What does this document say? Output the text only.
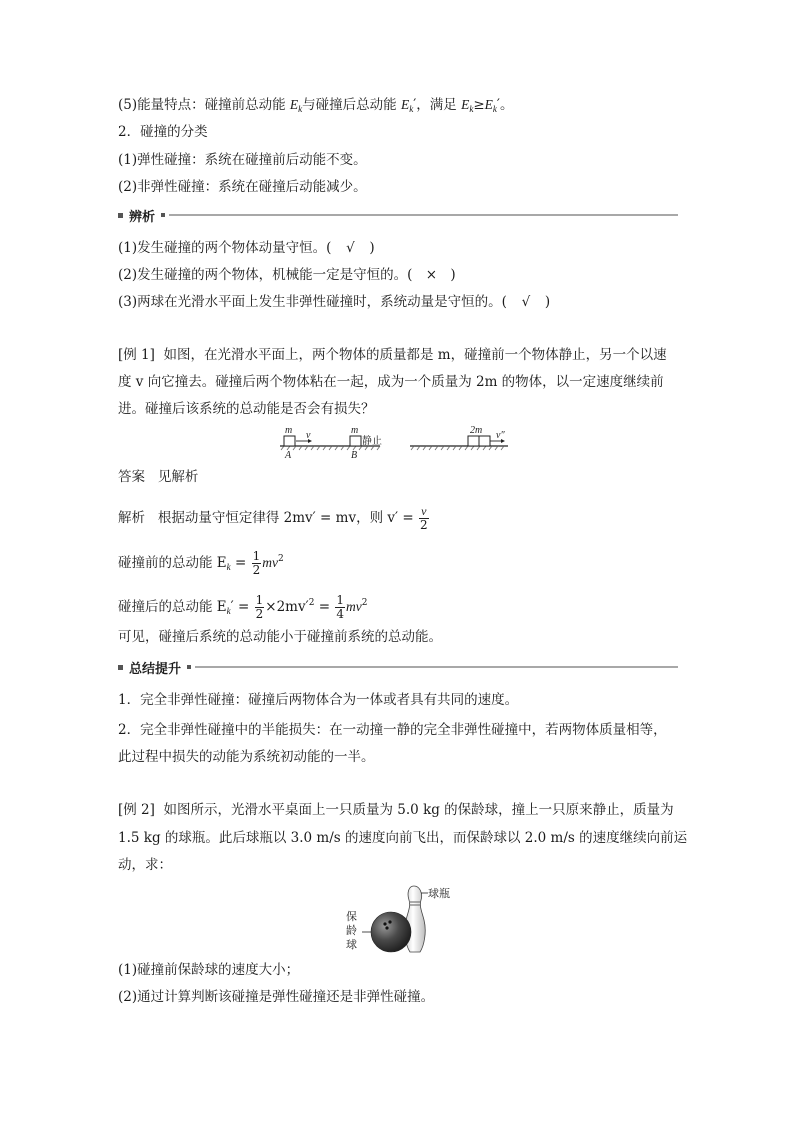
(5)能量特点：碰撞前总动能 $E_k$与碰撞后总动能 $E_k'$，满足 $E_k\ge E_k'$。
2．碰撞的分类
(1)弹性碰撞：系统在碰撞前后动能不变。
(2)非弹性碰撞：系统在碰撞后动能减少。
辨析
(1)发生碰撞的两个物体动量守恒。( √ )
(2)发生碰撞的两个物体，机械能一定是守恒的。( × )
(3)两球在光滑水平面上发生非弹性碰撞时，系统动量是守恒的。( √ )
[例 1] 如图，在光滑水平面上，两个物体的质量都是 m，碰撞前一个物体静止，另一个以速
度 v 向它撞去。碰撞后两个物体粘在一起，成为一个质量为 2m 的物体，以一定速度继续前
进。碰撞后该系统的总动能是否会有损失？
m v
A
m
静止
B
2m v″
答案 见解析
解析 根据动量守恒定律得 2mv′ = mv，则 $v' = \frac{v}{2}$
碰撞前的总动能 $E_k = \frac{1}{2} mv^2$
碰撞后的总动能 $E_k' = \frac{1}{2} \times 2mv'^2 = \frac{1}{4} mv^2$
可见，碰撞后系统的总动能小于碰撞前系统的总动能。
总结提升
1．完全非弹性碰撞：碰撞后两物体合为一体或者具有共同的速度。
2．完全非弹性碰撞中的半能损失：在一动撞一静的完全非弹性碰撞中，若两物体质量相等，
此过程中损失的动能为系统初动能的一半。
[例 2] 如图所示，光滑水平桌面上一只质量为 5.0 kg 的保龄球，撞上一只原来静止，质量为
1.5 kg 的球瓶。此后球瓶以 3.0 m/s 的速度向前飞出，而保龄球以 2.0 m/s 的速度继续向前运
动，求：
球瓶
保
龄
球
(1)碰撞前保龄球的速度大小；
(2)通过计算判断该碰撞是弹性碰撞还是非弹性碰撞。
